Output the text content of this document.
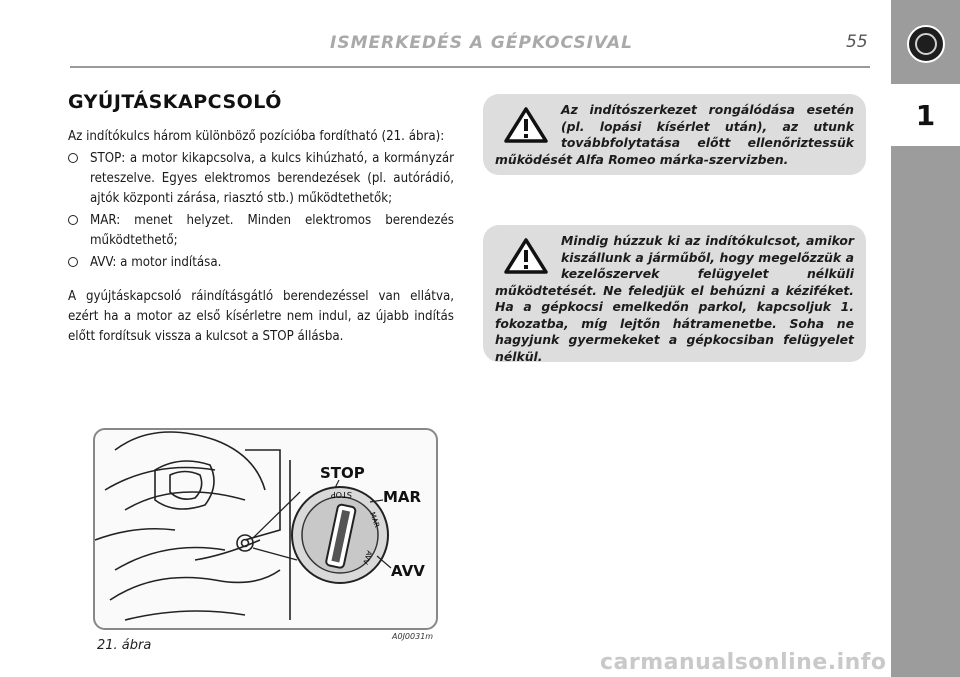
1
ISMERKEDÉS A GÉPKOCSIVAL	55
GYÚJTÁSKAPCSOLÓ

Az indítókulcs három különböző pozícióba fordítható (21. ábra):

STOP: a motor kikapcsolva, a kulcs kihúzható, a kormányzár reteszelve. Egyes elektromos berendezések (pl. autórádió, ajtók központi zárása, riasztó stb.) működtethetők;
MAR: menet helyzet. Minden elektromos berendezés működtethető;
AVV: a motor indítása.

A gyújtáskapcsoló ráindításgátló berendezéssel van ellátva, ezért ha a motor az első kísérletre nem indul, az újabb indítás előtt fordítsuk vissza a kulcsot a STOP állásba.

Az indítószerkezet rongálódása esetén (pl. lopási kísérlet után), az utunk továbbfolytatása előtt ellenőriztessük működését Alfa Romeo márka-szervizben.
Mindig húzzuk ki az indítókulcsot, amikor kiszállunk a járműből, hogy megelőzzük a kezelőszervek felügyelet nélküli működtetését. Ne feledjük el behúzni a kéziféket. Ha a gépkocsi emelkedőn parkol, kapcsoljuk 1. fokozatba, míg lejtőn hátramenetbe. Soha ne hagyjunk gyermekeket a gépkocsiban felügyelet nélkül.
STOP
MAR
AVV
STOP
MAR
AVV
21. ábra
A0J0031m
carmanualsonline.info
